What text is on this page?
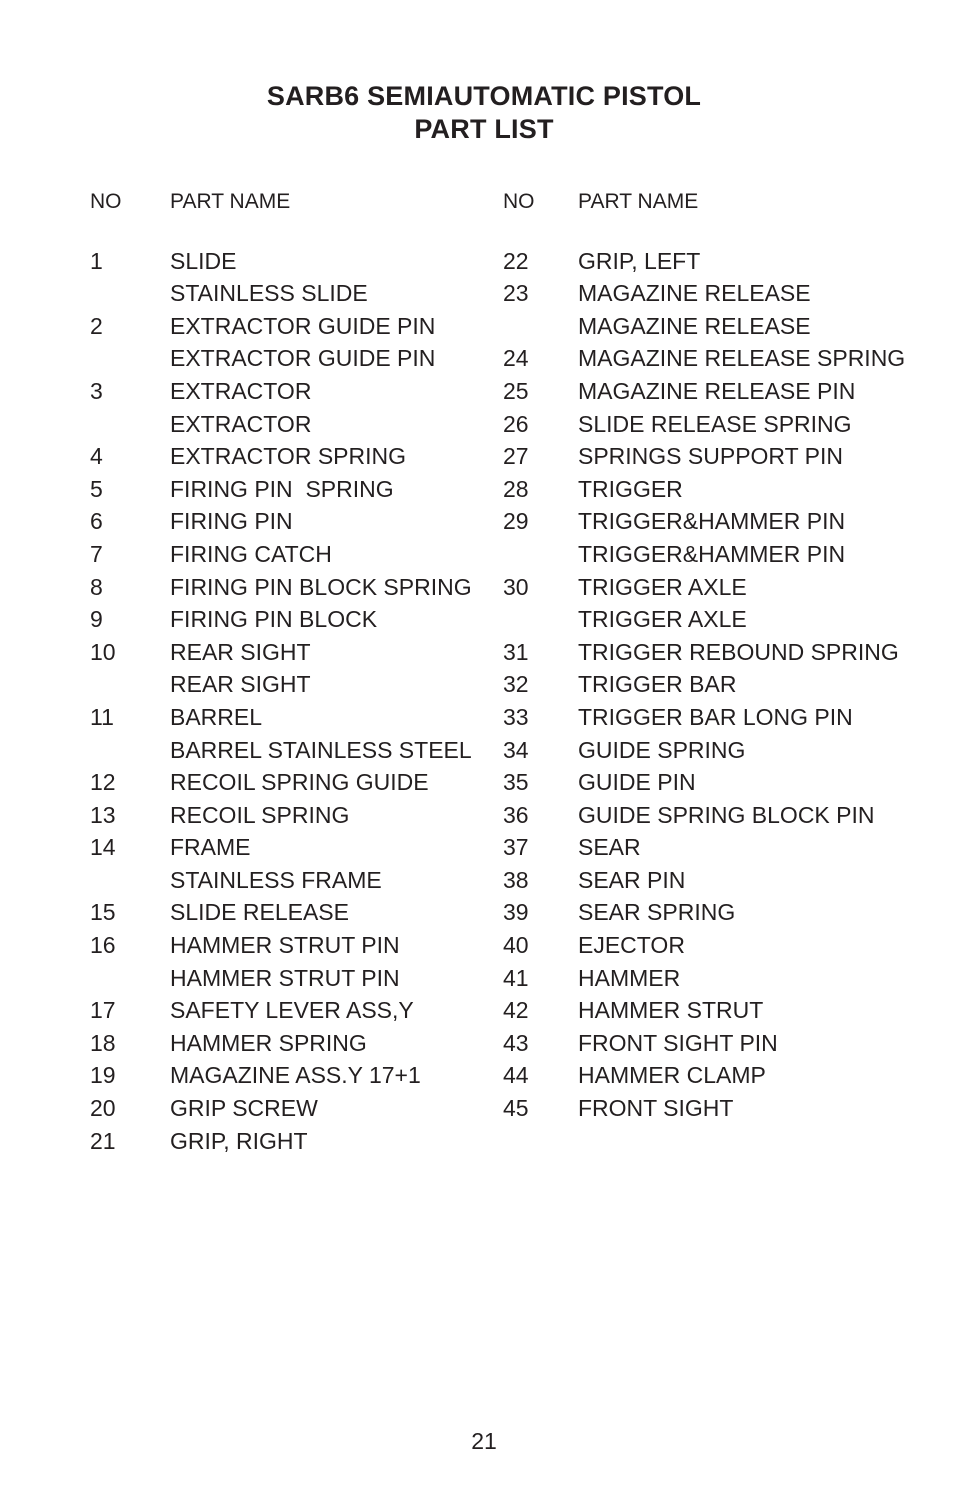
SARB6 SEMIAUTOMATIC PISTOL
PART LIST
NO	PART NAME
1	SLIDE
STAINLESS SLIDE
2	EXTRACTOR GUIDE PIN
EXTRACTOR GUIDE PIN
3	EXTRACTOR
EXTRACTOR
4	EXTRACTOR SPRING
5	FIRING PIN  SPRING
6	FIRING PIN
7	FIRING CATCH
8	FIRING PIN BLOCK SPRING
9	FIRING PIN BLOCK
10	REAR SIGHT
REAR SIGHT
11	BARREL
BARREL STAINLESS STEEL
12	RECOIL SPRING GUIDE
13	RECOIL SPRING
14	FRAME
STAINLESS FRAME
15	SLIDE RELEASE
16	HAMMER STRUT PIN
HAMMER STRUT PIN
17	SAFETY LEVER ASS,Y
18	HAMMER SPRING
19	MAGAZINE ASS.Y 17+1
20	GRIP SCREW
21	GRIP, RIGHT
NO	PART NAME
22	GRIP, LEFT
23	MAGAZINE RELEASE
MAGAZINE RELEASE
24	MAGAZINE RELEASE SPRING
25	MAGAZINE RELEASE PIN
26	SLIDE RELEASE SPRING
27	SPRINGS SUPPORT PIN
28	TRIGGER
29	TRIGGER&HAMMER PIN
TRIGGER&HAMMER PIN
30	TRIGGER AXLE
TRIGGER AXLE
31	TRIGGER REBOUND SPRING
32	TRIGGER BAR
33	TRIGGER BAR LONG PIN
34	GUIDE SPRING
35	GUIDE PIN
36	GUIDE SPRING BLOCK PIN
37	SEAR
38	SEAR PIN
39	SEAR SPRING
40	EJECTOR
41	HAMMER
42	HAMMER STRUT
43	FRONT SIGHT PIN
44	HAMMER CLAMP
45	FRONT SIGHT
21
